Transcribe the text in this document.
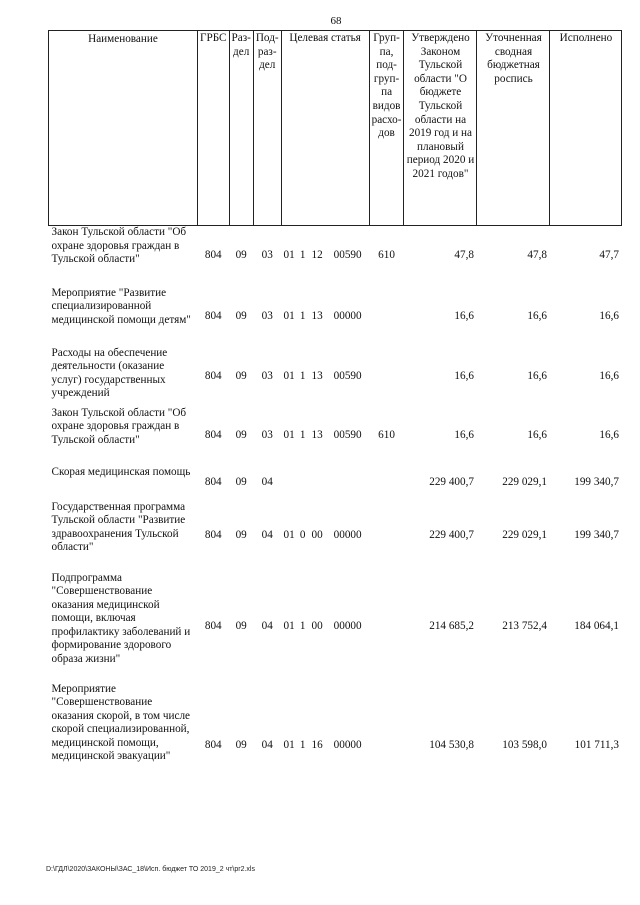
68
Наименование	ГРБС	Раз-дел	Под-раз-дел	Целевая статья				Груп-па, под-груп-па видов расхо-дов	Утверждено Законом Тульской области "О бюджете Тульской области на 2019 год и на плановый период 2020 и 2021 годов"	Уточненная сводная бюджетная роспись	Исполнено
Закон Тульской области "Об охране здоровья граждан в Тульской области"	804	09	03	01	1	12	00590	610	47,8	47,8	47,7
Мероприятие "Развитие специализированной медицинской помощи детям"	804	09	03	01	1	13	00000		16,6	16,6	16,6
Расходы на обеспечение деятельности (оказание услуг) государственных учреждений	804	09	03	01	1	13	00590		16,6	16,6	16,6
Закон Тульской области "Об охране здоровья граждан в Тульской области"	804	09	03	01	1	13	00590	610	16,6	16,6	16,6
Скорая медицинская помощь	804	09	04						229 400,7	229 029,1	199 340,7
Государственная программа Тульской области "Развитие здравоохранения Тульской области"	804	09	04	01	0	00	00000		229 400,7	229 029,1	199 340,7
Подпрограмма "Совершенствование оказания медицинской помощи, включая профилактику заболеваний и формирование здорового образа жизни"	804	09	04	01	1	00	00000		214 685,2	213 752,4	184 064,1
Мероприятие "Совершенствование оказания скорой, в том числе скорой специализированной, медицинской помощи, медицинской эвакуации"	804	09	04	01	1	16	00000		104 530,8	103 598,0	101 711,3
D:\ГДЛ\2020\ЗАКОНЫ\ЗАС_18\Исп. бюджет ТО 2019_2 чт\pr2.xls
